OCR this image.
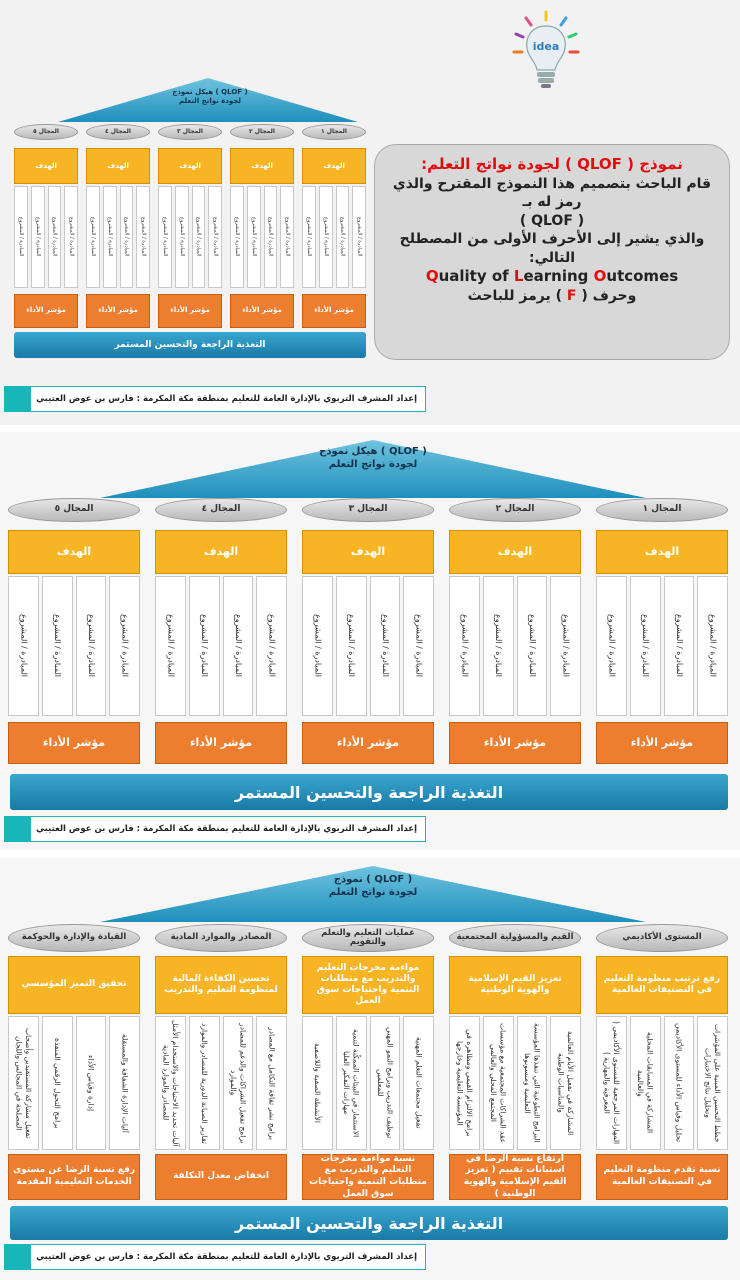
هيكل نموذج ( QLOF )
لجودة نواتج التعلم
المجال ١
الهدف
المبادرة / المشروع	المبادرة / المشروع	المبادرة / المشروع	المبادرة / المشروع
مؤشر الأداء
المجال ٢
الهدف
المبادرة / المشروع	المبادرة / المشروع	المبادرة / المشروع	المبادرة / المشروع
مؤشر الأداء
المجال ٣
الهدف
المبادرة / المشروع	المبادرة / المشروع	المبادرة / المشروع	المبادرة / المشروع
مؤشر الأداء
المجال ٤
الهدف
المبادرة / المشروع	المبادرة / المشروع	المبادرة / المشروع	المبادرة / المشروع
مؤشر الأداء
المجال ٥
الهدف
المبادرة / المشروع	المبادرة / المشروع	المبادرة / المشروع	المبادرة / المشروع
مؤشر الأداء
التغذية الراجعة والتحسين المستمر
إعداد المشرف التربوي بالإدارة العامة للتعليم بمنطقة مكة المكرمة : فارس بن عوض العتيبي
idea
نموذج ( QLOF ) لجودة نواتج التعلم:
قام الباحث بتصميم هذا النموذج المقترح والذي
رمز له بـ
( QLOF )
والذي يشير إلى الأحرف الأولى من المصطلح
التالي:
Quality of Learning Outcomes
وحرف ( F ) يرمز للباحث
هيكل نموذج ( QLOF )
لجودة نواتج التعلم
المجال ١
الهدف
المبادرة / المشروع	المبادرة / المشروع	المبادرة / المشروع	المبادرة / المشروع
مؤشر الأداء
المجال ٢
الهدف
المبادرة / المشروع	المبادرة / المشروع	المبادرة / المشروع	المبادرة / المشروع
مؤشر الأداء
المجال ٣
الهدف
المبادرة / المشروع	المبادرة / المشروع	المبادرة / المشروع	المبادرة / المشروع
مؤشر الأداء
المجال ٤
الهدف
المبادرة / المشروع	المبادرة / المشروع	المبادرة / المشروع	المبادرة / المشروع
مؤشر الأداء
المجال ٥
الهدف
المبادرة / المشروع	المبادرة / المشروع	المبادرة / المشروع	المبادرة / المشروع
مؤشر الأداء
التغذية الراجعة والتحسين المستمر
إعداد المشرف التربوي بالإدارة العامة للتعليم بمنطقة مكة المكرمة : فارس بن عوض العتيبي
نموذج ( QLOF )
لجودة نواتج التعلم
المستوى الأكاديمي
رفع ترتيب منظومة التعليم في التصنيفات العالمية
المهارات المرجعية للمستوى الأكاديمي ( المعرفية والمهارية )	المشاركة في المسابقات المحلية والعالمية	تحليل وقياس الأداء للمستوى الأكاديمي	خطط التحسين المبنية على المؤشرات وتحليل نتائج الاختبارات
نسبة تقدم منظومة التعليم في التصنيفات العالمية
القيم والمسؤولية المجتمعية
تعزيز القيم الإسلامية والهوية الوطنية
برامج الالتزام القيمي ومظاهره في المؤسسة التعليمية وخارجها	عقد الشراكات المجتمعية مع مؤسسات المجتمع المحلي والعالمي	البرامج التطوعية التي تنفذها المؤسسة التعليمية ومنسوبوها	المشاركة في تفعيل الأيام العالمية والمناسبات الوطنية
ارتفاع نسبة الرضا في استبانات تقييم ( تعزيز القيم الإسلامية والهوية الوطنية )
عمليات التعليم والتعلم والتقويم
مواءمة مخرجات التعليم والتدريب مع متطلبات التنمية واحتياجات سوق العمل
الأنشطة الصفية واللاصفية	الاستثمار في البيئات الممكّنة لتنمية مهارات التفكير العليا	توظيف التدريب وبرامج النمو المهني للمعلمين	تفعيل مجتمعات التعلم المهنية
نسبة مواءمة مخرجات التعليم والتدريب مع متطلبات التنمية واحتياجات سوق العمل
المصادر والموارد المادية
تحسين الكفاءة المالية لمنظومة التعليم والتدريب
آليات تحديد الاحتياجات والاستخدام الأمثل للمصادر والموارد المادية	تقارير الصيانة الدورية للمصادر والموارد	برامج تفعيل الشراكات والدعم للمصادر والموارد	برامج نشر ثقافة التكامل مع المصادر
انخفاض معدل التكلفة
القيادة والإدارة والحوكمة
تحقيق التميز المؤسسي
تفعيل مشاركة المستفيدين وأصحاب المصلحة في المجالس واللجان	برامج التحول الرقمي المنفذة	إدارة وقياس الأداء	آليات الإدارة الشفافة والمستقلة
رفع نسبة الرضا عن مستوى الخدمات التعليمية المقدمة
التغذية الراجعة والتحسين المستمر
إعداد المشرف التربوي بالإدارة العامة للتعليم بمنطقة مكة المكرمة : فارس بن عوض العتيبي
